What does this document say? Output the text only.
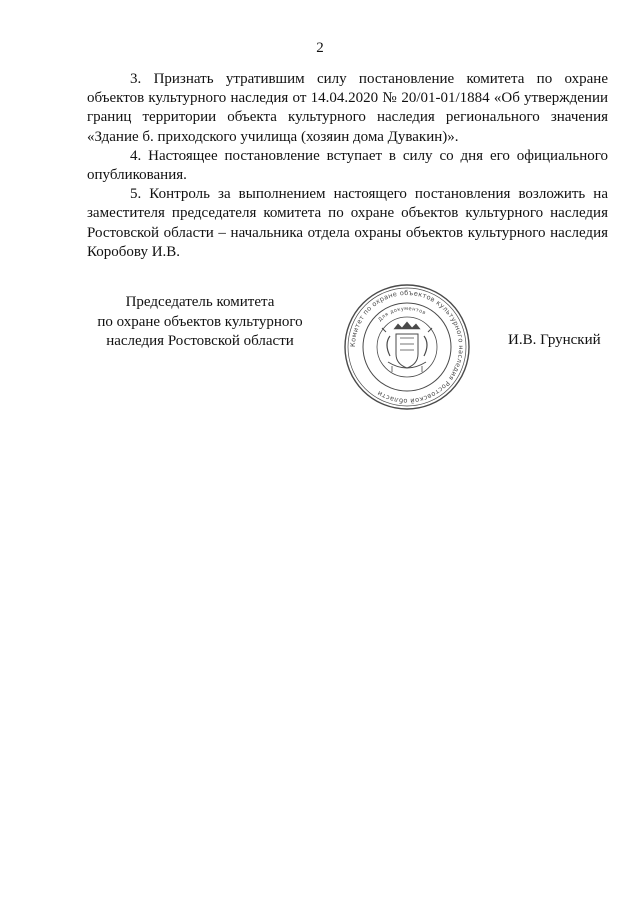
2

3. Признать утратившим силу постановление комитета по охране объектов культурного наследия от 14.04.2020 № 20/01-01/1884 «Об утверждении границ территории объекта культурного наследия регионального значения «Здание б. приходского училища (хозяин дома Дувакин)».

4. Настоящее постановление вступает в силу со дня его официального опубликования.

5. Контроль за выполнением настоящего постановления возложить на заместителя председателя комитета по охране объектов культурного наследия Ростовской области – начальника отдела охраны объектов культурного наследия Коробову И.В.

Председатель комитета
по охране объектов культурного
наследия Ростовской области	Комитет по охране объектов культурного наследия Ростовской области
Для документов
И.В. Грунский
